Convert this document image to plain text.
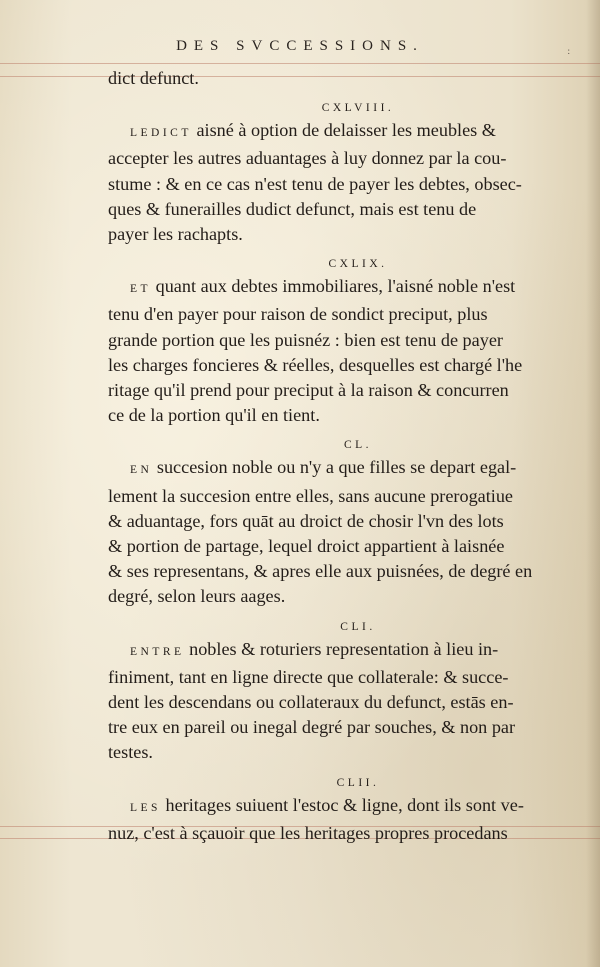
DES SVCCESSIONS.	:
dict defunct.
CXLVIII.

LEDICT aisné à option de delaisser les meubles &
accepter les autres aduantages à luy donnez par la cou-
stume : & en ce cas n'est tenu de payer les debtes, obsec-
ques & funerailles dudict defunct, mais est tenu de
payer les rachapts.

CXLIX.

ET quant aux debtes immobiliares, l'aisné noble n'est
tenu d'en payer pour raison de sondict preciput, plus
grande portion que les puisnéz : bien est tenu de payer
les charges foncieres & réelles, desquelles est chargé l'he
ritage qu'il prend pour preciput à la raison & concurren
ce de la portion qu'il en tient.

CL.

EN succesion noble ou n'y a que filles se depart egal-
lement la succesion entre elles, sans aucune prerogatiue
& aduantage, fors quāt au droict de chosir l'vn des lots
& portion de partage, lequel droict appartient à laisnée
& ses representans, & apres elle aux puisnées, de degré en
degré, selon leurs aages.

CLI.

ENTRE nobles & roturiers representation à lieu in-
finiment, tant en ligne directe que collaterale: & succe-
dent les descendans ou collateraux du defunct, estās en-
tre eux en pareil ou inegal degré par souches, & non par
testes.

CLII.

LES heritages suiuent l'estoc & ligne, dont ils sont ve-
nuz, c'est à sçauoir que les heritages propres procedans
